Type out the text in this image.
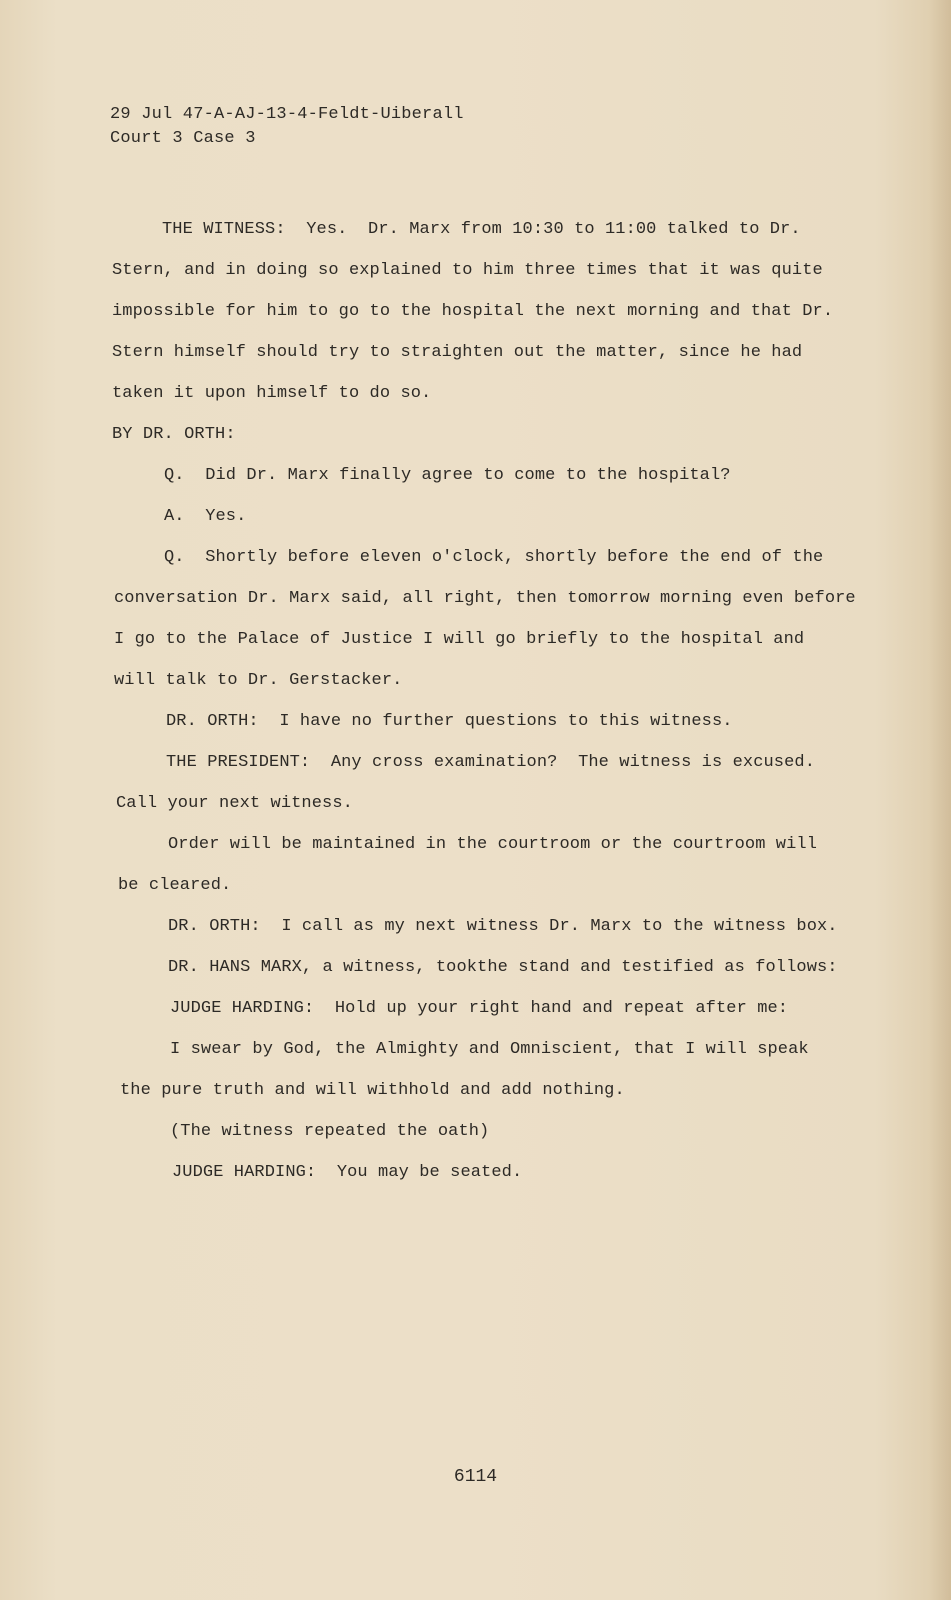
29 Jul 47-A-AJ-13-4-Feldt-Uiberall
Court 3 Case 3
THE WITNESS:  Yes.  Dr. Marx from 10:30 to 11:00 talked to Dr.
Stern, and in doing so explained to him three times that it was quite
impossible for him to go to the hospital the next morning and that Dr.
Stern himself should try to straighten out the matter, since he had
taken it upon himself to do so.
BY DR. ORTH:
Q.  Did Dr. Marx finally agree to come to the hospital?
A.  Yes.
Q.  Shortly before eleven o'clock, shortly before the end of the
conversation Dr. Marx said, all right, then tomorrow morning even before
I go to the Palace of Justice I will go briefly to the hospital and
will talk to Dr. Gerstacker.
DR. ORTH:  I have no further questions to this witness.
THE PRESIDENT:  Any cross examination?  The witness is excused.
Call your next witness.
Order will be maintained in the courtroom or the courtroom will
be cleared.
DR. ORTH:  I call as my next witness Dr. Marx to the witness box.
DR. HANS MARX, a witness, tookthe stand and testified as follows:
JUDGE HARDING:  Hold up your right hand and repeat after me:
I swear by God, the Almighty and Omniscient, that I will speak
the pure truth and will withhold and add nothing.
(The witness repeated the oath)
JUDGE HARDING:  You may be seated.
6114
